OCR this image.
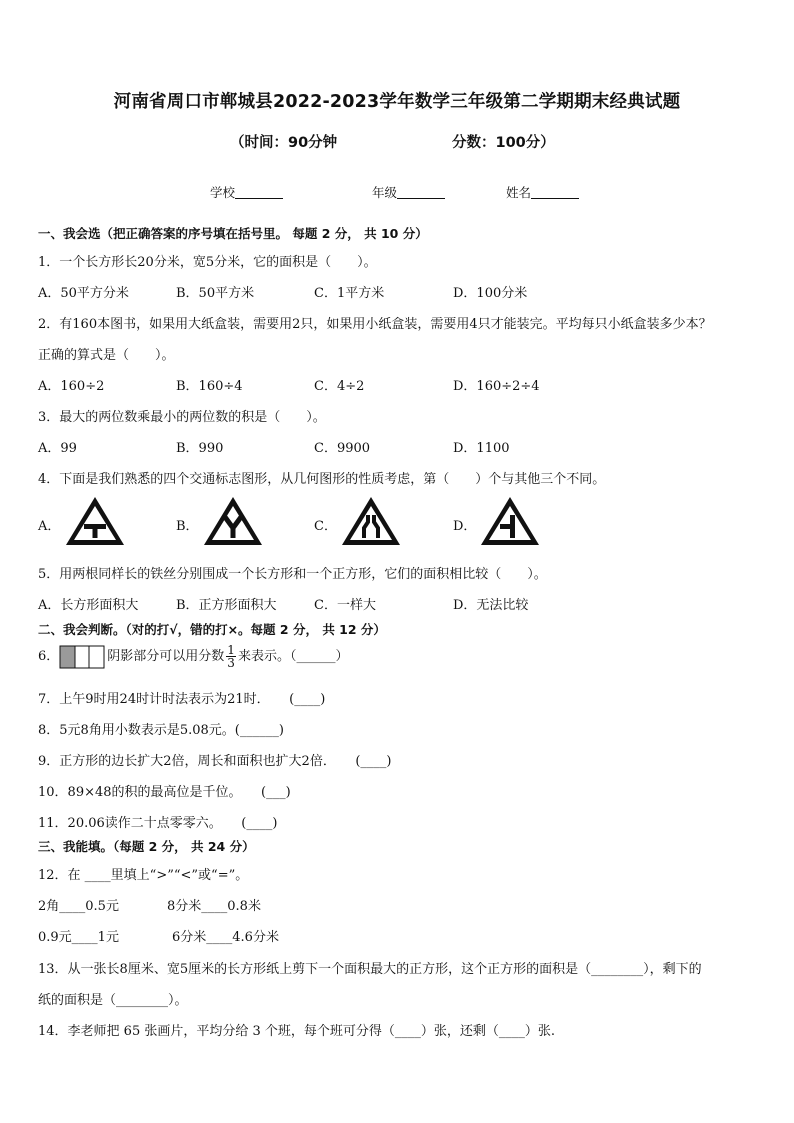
河南省周口市郸城县2022-2023学年数学三年级第二学期期末经典试题
（时间：90分钟	分数：100分）
学校	年级	姓名
一、我会选（把正确答案的序号填在括号里。 每题 2 分， 共 10 分）
1．一个长方形长20分米，宽5分米，它的面积是（　　）。
A．50平方分米	B．50平方米	C．1平方米	D．100分米
2．有160本图书，如果用大纸盒装，需要用2只，如果用小纸盒装，需要用4只才能装完。平均每只小纸盒装多少本？
正确的算式是（　　）。
A．160÷2	B．160÷4	C．4÷2	D．160÷2÷4
3．最大的两位数乘最小的两位数的积是（　　）。
A．99	B．990	C．9900	D．1100
4．下面是我们熟悉的四个交通标志图形，从几何图形的性质考虑，第（　　）个与其他三个不同。
A．	B．	C．	D．
5．用两根同样长的铁丝分别围成一个长方形和一个正方形，它们的面积相比较（　　）。
A．长方形面积大	B．正方形面积大	C．一样大	D．无法比较
二、我会判断。（对的打√，错的打×。每题 2 分， 共 12 分）
6．	阴影部分可以用分数 $\frac{1}{3}$ 来表示。（______）
7．上午9时用24时计时法表示为21时．　　(____)
8．5元8角用小数表示是5.08元。(______)
9．正方形的边长扩大2倍，周长和面积也扩大2倍．　　(____)
10．89×48的积的最高位是千位。　　(___)
11．20.06读作二十点零零六。　　(____)
三、我能填。（每题 2 分， 共 24 分）
12．在 ____里填上“>”“<”或“=”。
2角____0.5元	8分米____0.8米
0.9元____1元	6分米____4.6分米
13．从一张长8厘米、宽5厘米的长方形纸上剪下一个面积最大的正方形，这个正方形的面积是（________），剩下的
纸的面积是（________）。
14．李老师把 65 张画片，平均分给 3 个班，每个班可分得（____）张，还剩（____）张.
